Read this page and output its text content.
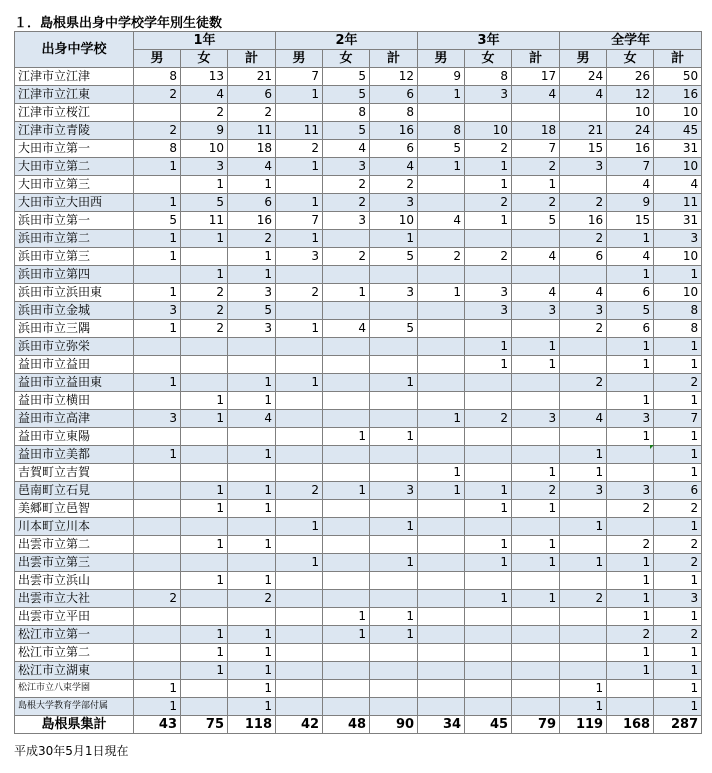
１．島根県出身中学校学年別生徒数
出身中学校	1年			2年			3年			全学年		
	男	女	計	男	女	計	男	女	計	男	女	計
江津市立江津	8	13	21	7	5	12	9	8	17	24	26	50
江津市立江東	2	4	6	1	5	6	1	3	4	4	12	16
江津市立桜江		2	2		8	8					10	10
江津市立青陵	2	9	11	11	5	16	8	10	18	21	24	45
大田市立第一	8	10	18	2	4	6	5	2	7	15	16	31
大田市立第二	1	3	4	1	3	4	1	1	2	3	7	10
大田市立第三		1	1		2	2		1	1		4	4
大田市立大田西	1	5	6	1	2	3		2	2	2	9	11
浜田市立第一	5	11	16	7	3	10	4	1	5	16	15	31
浜田市立第二	1	1	2	1		1				2	1	3
浜田市立第三	1		1	3	2	5	2	2	4	6	4	10
浜田市立第四		1	1								1	1
浜田市立浜田東	1	2	3	2	1	3	1	3	4	4	6	10
浜田市立金城	3	2	5					3	3	3	5	8
浜田市立三隅	1	2	3	1	4	5				2	6	8
浜田市立弥栄								1	1		1	1
益田市立益田								1	1		1	1
益田市立益田東	1		1	1		1				2		2
益田市立横田		1	1								1	1
益田市立高津	3	1	4				1	2	3	4	3	7
益田市立東陽					1	1					1	1
益田市立美都	1		1							1		1
吉賀町立吉賀							1		1	1		1
邑南町立石見		1	1	2	1	3	1	1	2	3	3	6
美郷町立邑智		1	1					1	1		2	2
川本町立川本				1		1				1		1
出雲市立第二		1	1					1	1		2	2
出雲市立第三				1		1		1	1	1	1	2
出雲市立浜山		1	1								1	1
出雲市立大社	2		2					1	1	2	1	3
出雲市立平田					1	1					1	1
松江市立第一		1	1		1	1					2	2
松江市立第二		1	1								1	1
松江市立湖東		1	1								1	1
松江市立八束学園	1		1							1		1
島根大学教育学部付属	1		1							1		1
島根県集計	43	75	118	42	48	90	34	45	79	119	168	287
平成30年5月1日現在
